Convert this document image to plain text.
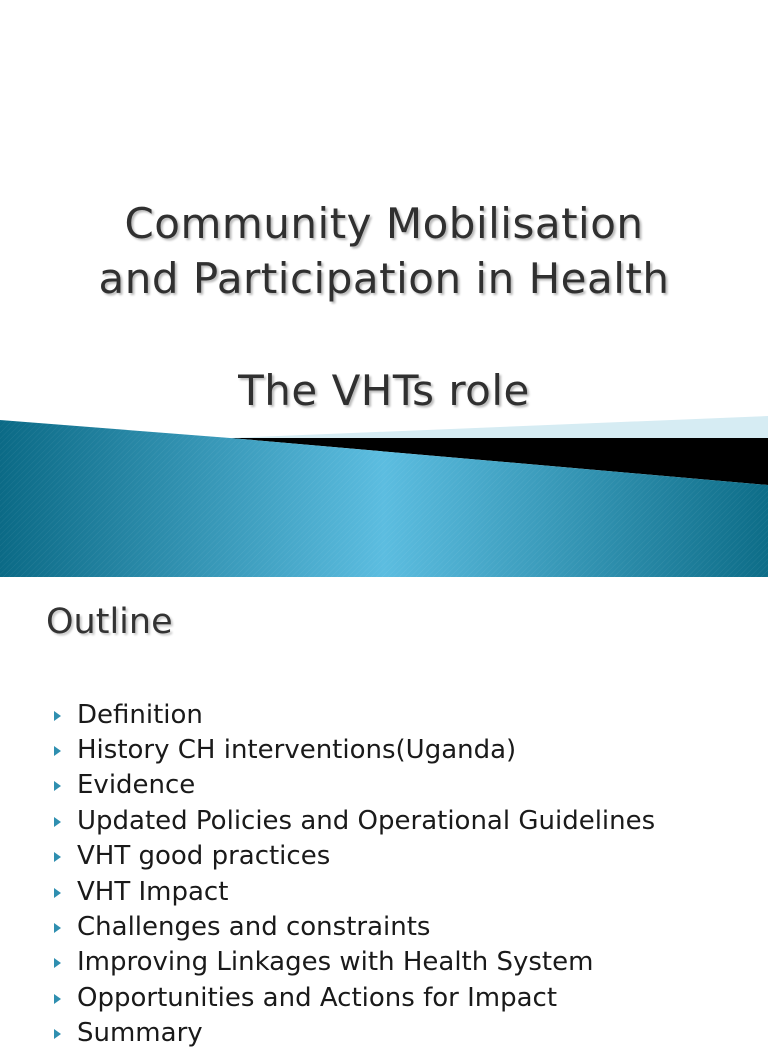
Community Mobilisation
and Participation in Health
The VHTs role
Outline
Definition
History CH interventions(Uganda)
Evidence
Updated Policies and Operational Guidelines
VHT good practices
VHT Impact
Challenges and constraints
Improving Linkages with Health System
Opportunities and Actions for Impact
Summary
